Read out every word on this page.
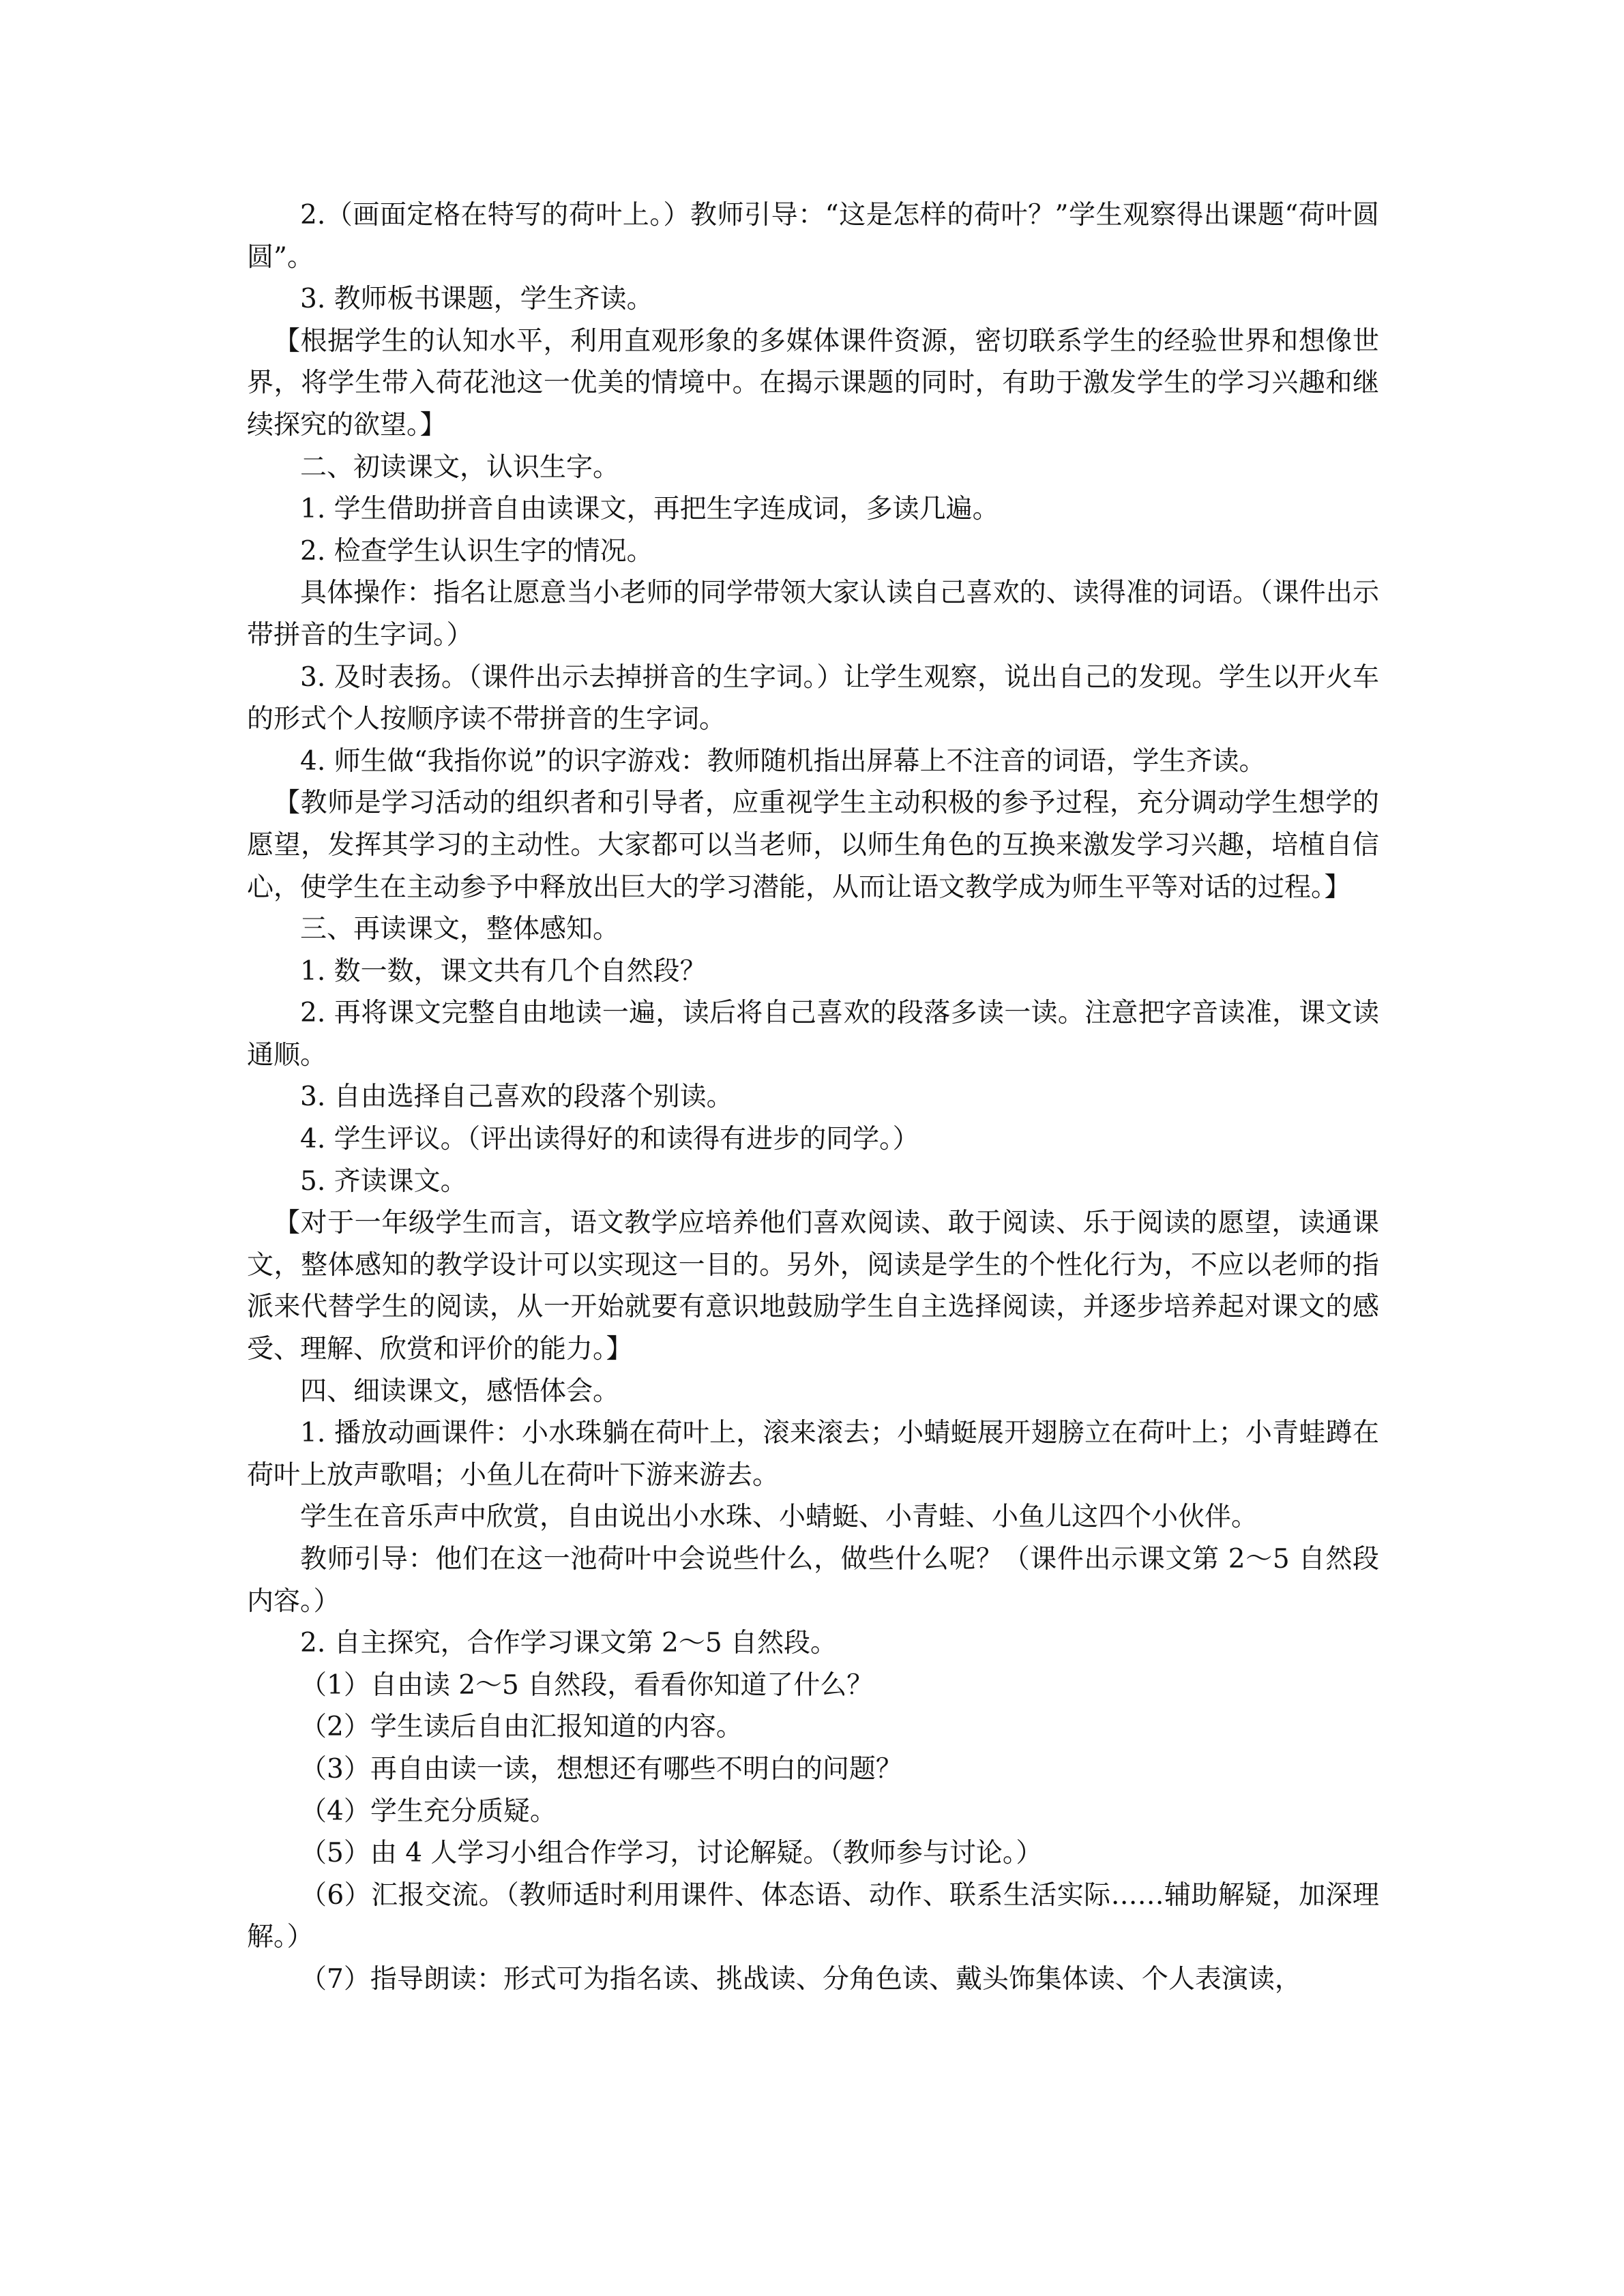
2.（画面定格在特写的荷叶上。）教师引导：“这是怎样的荷叶？”学生观察得出课题“荷叶圆圆”。

3. 教师板书课题，学生齐读。

【根据学生的认知水平，利用直观形象的多媒体课件资源，密切联系学生的经验世界和想像世界，将学生带入荷花池这一优美的情境中。在揭示课题的同时，有助于激发学生的学习兴趣和继续探究的欲望。】

二、初读课文，认识生字。

1. 学生借助拼音自由读课文，再把生字连成词，多读几遍。

2. 检查学生认识生字的情况。

具体操作：指名让愿意当小老师的同学带领大家认读自己喜欢的、读得准的词语。（课件出示带拼音的生字词。）

3. 及时表扬。（课件出示去掉拼音的生字词。）让学生观察，说出自己的发现。学生以开火车的形式个人按顺序读不带拼音的生字词。

4. 师生做“我指你说”的识字游戏：教师随机指出屏幕上不注音的词语，学生齐读。

【教师是学习活动的组织者和引导者，应重视学生主动积极的参予过程，充分调动学生想学的愿望，发挥其学习的主动性。大家都可以当老师，以师生角色的互换来激发学习兴趣，培植自信心，使学生在主动参予中释放出巨大的学习潜能，从而让语文教学成为师生平等对话的过程。】

三、再读课文，整体感知。

1. 数一数，课文共有几个自然段？

2. 再将课文完整自由地读一遍，读后将自己喜欢的段落多读一读。注意把字音读准，课文读通顺。

3. 自由选择自己喜欢的段落个别读。

4. 学生评议。（评出读得好的和读得有进步的同学。）

5. 齐读课文。

【对于一年级学生而言，语文教学应培养他们喜欢阅读、敢于阅读、乐于阅读的愿望，读通课文，整体感知的教学设计可以实现这一目的。另外，阅读是学生的个性化行为，不应以老师的指派来代替学生的阅读，从一开始就要有意识地鼓励学生自主选择阅读，并逐步培养起对课文的感受、理解、欣赏和评价的能力。】

四、细读课文，感悟体会。

1. 播放动画课件：小水珠躺在荷叶上，滚来滚去；小蜻蜓展开翅膀立在荷叶上；小青蛙蹲在荷叶上放声歌唱；小鱼儿在荷叶下游来游去。

学生在音乐声中欣赏，自由说出小水珠、小蜻蜓、小青蛙、小鱼儿这四个小伙伴。

教师引导：他们在这一池荷叶中会说些什么，做些什么呢？（课件出示课文第 2～5 自然段内容。）

2. 自主探究，合作学习课文第 2～5 自然段。

（1）自由读 2～5 自然段，看看你知道了什么？

（2）学生读后自由汇报知道的内容。

（3）再自由读一读，想想还有哪些不明白的问题？

（4）学生充分质疑。

（5）由 4 人学习小组合作学习，讨论解疑。（教师参与讨论。）

（6）汇报交流。（教师适时利用课件、体态语、动作、联系生活实际……辅助解疑，加深理解。）

（7）指导朗读：形式可为指名读、挑战读、分角色读、戴头饰集体读、个人表演读，
